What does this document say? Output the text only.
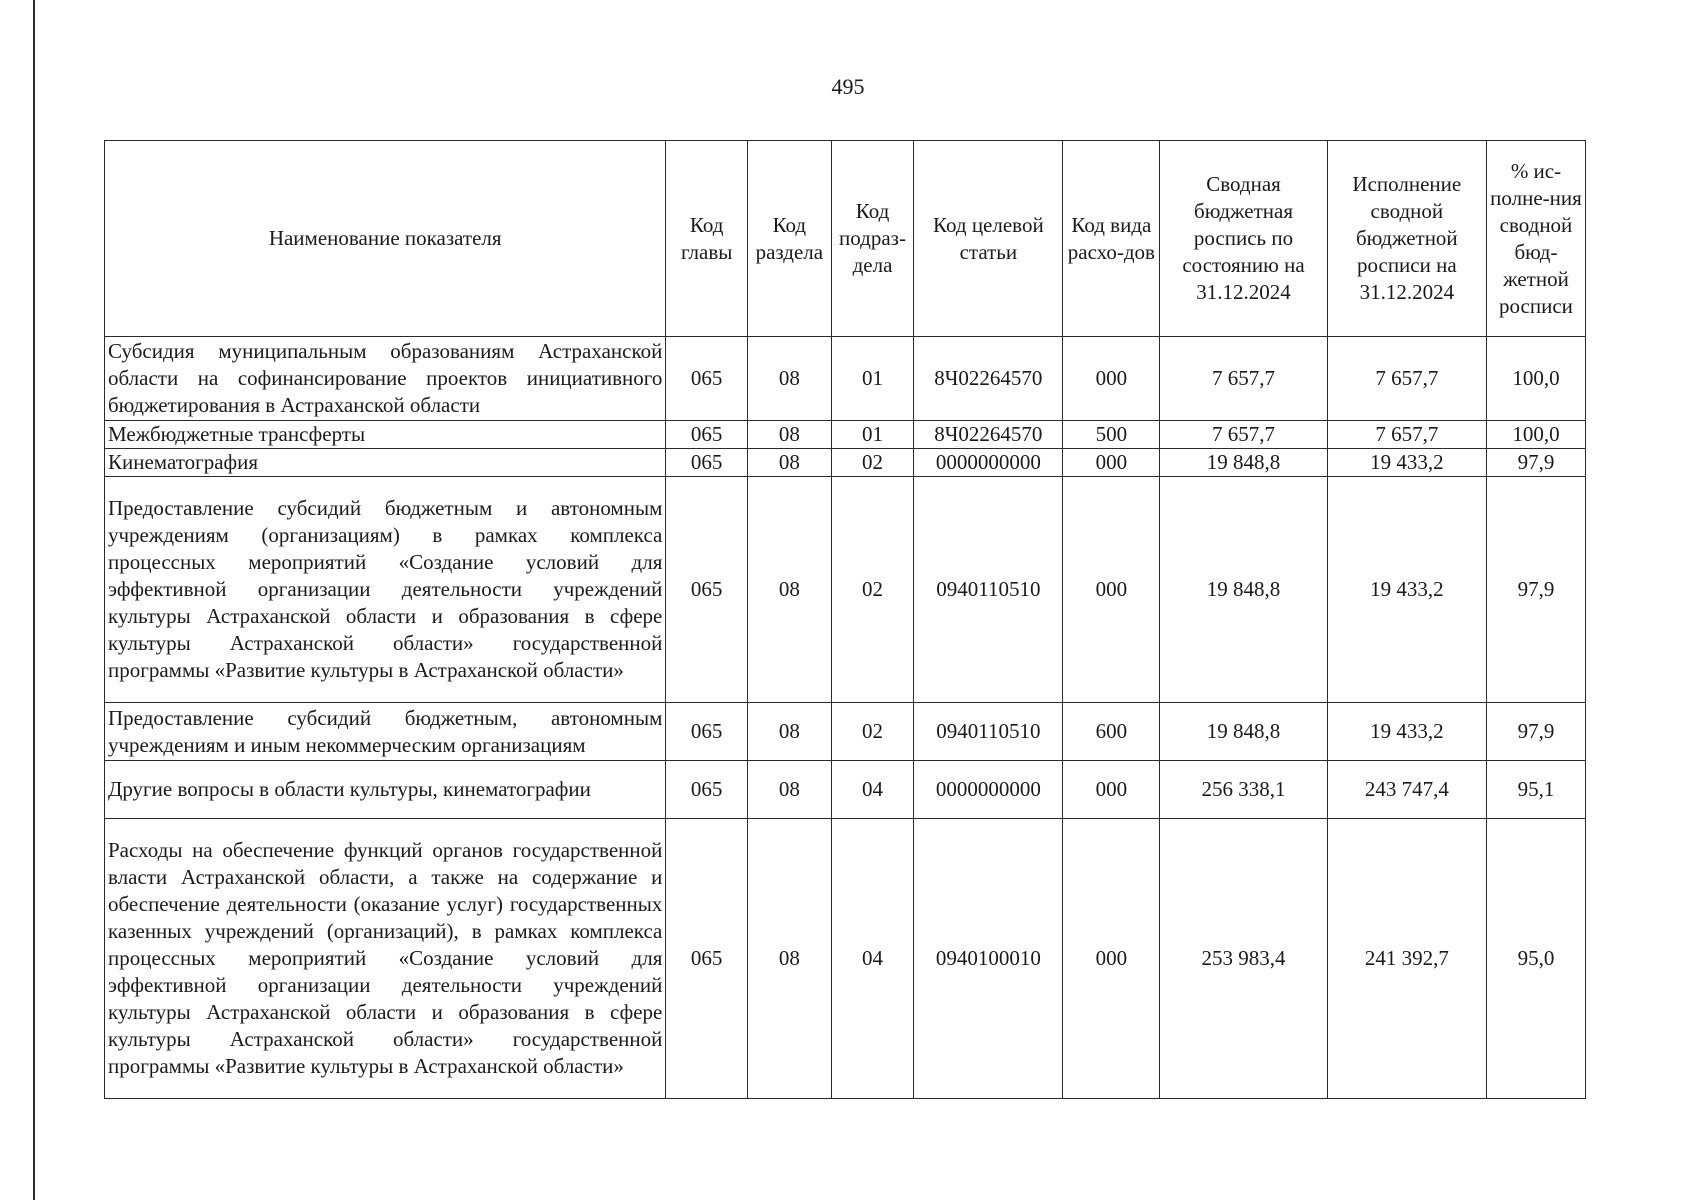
495
Наименование показателя	Код главы	Код раздела	Код подраз-дела	Код целевой статьи	Код вида расхо-дов	Сводная бюджетная роспись по состоянию на 31.12.2024	Исполнение сводной бюджетной росписи на 31.12.2024	% ис-полне-ния сводной бюд-жетной росписи
Субсидия муниципальным образованиям Астраханской области на софинансирование проектов инициативного бюджетирования в Астраханской области	065	08	01	8Ч02264570	000	7 657,7	7 657,7	100,0
Межбюджетные трансферты	065	08	01	8Ч02264570	500	7 657,7	7 657,7	100,0
Кинематография	065	08	02	0000000000	000	19 848,8	19 433,2	97,9
Предоставление субсидий бюджетным и автономным учреждениям (организациям) в рамках комплекса процессных мероприятий «Создание условий для эффективной организации деятельности учреждений культуры Астраханской области и образования в сфере культуры Астраханской области» государственной программы «Развитие культуры в Астраханской области»	065	08	02	0940110510	000	19 848,8	19 433,2	97,9
Предоставление субсидий бюджетным, автономным учреждениям и иным некоммерческим организациям	065	08	02	0940110510	600	19 848,8	19 433,2	97,9
Другие вопросы в области культуры, кинематографии	065	08	04	0000000000	000	256 338,1	243 747,4	95,1
Расходы на обеспечение функций органов государственной власти Астраханской области, а также на содержание и обеспечение деятельности (оказание услуг) государственных казенных учреждений (организаций), в рамках комплекса процессных мероприятий «Создание условий для эффективной организации деятельности учреждений культуры Астраханской области и образования в сфере культуры Астраханской области» государственной программы «Развитие культуры в Астраханской области»	065	08	04	0940100010	000	253 983,4	241 392,7	95,0
